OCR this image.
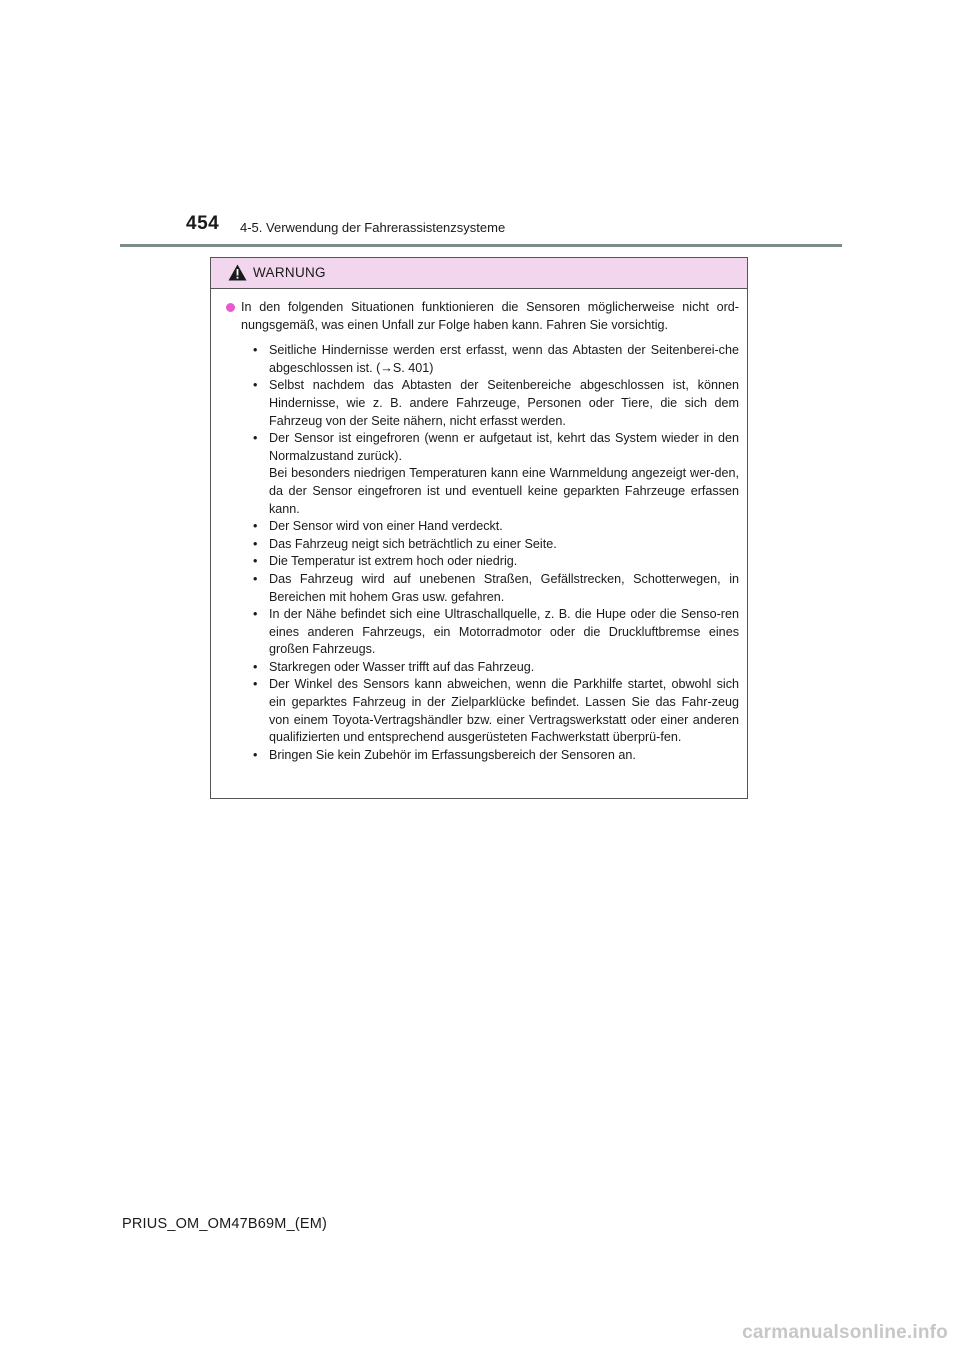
454 4-5. Verwendung der Fahrerassistenzsysteme
WARNUNG

In den folgenden Situationen funktionieren die Sensoren möglicherweise nicht ord-nungsgemäß, was einen Unfall zur Folge haben kann. Fahren Sie vorsichtig.

• Seitliche Hindernisse werden erst erfasst, wenn das Abtasten der Seitenberei-che abgeschlossen ist. (→S. 401)
• Selbst nachdem das Abtasten der Seitenbereiche abgeschlossen ist, können Hindernisse, wie z. B. andere Fahrzeuge, Personen oder Tiere, die sich dem Fahrzeug von der Seite nähern, nicht erfasst werden.
• Der Sensor ist eingefroren (wenn er aufgetaut ist, kehrt das System wieder in den Normalzustand zurück).
Bei besonders niedrigen Temperaturen kann eine Warnmeldung angezeigt wer-den, da der Sensor eingefroren ist und eventuell keine geparkten Fahrzeuge erfassen kann.
• Der Sensor wird von einer Hand verdeckt.
• Das Fahrzeug neigt sich beträchtlich zu einer Seite.
• Die Temperatur ist extrem hoch oder niedrig.
• Das Fahrzeug wird auf unebenen Straßen, Gefällstrecken, Schotterwegen, in Bereichen mit hohem Gras usw. gefahren.
• In der Nähe befindet sich eine Ultraschallquelle, z. B. die Hupe oder die Senso-ren eines anderen Fahrzeugs, ein Motorradmotor oder die Druckluftbremse eines großen Fahrzeugs.
• Starkregen oder Wasser trifft auf das Fahrzeug.
• Der Winkel des Sensors kann abweichen, wenn die Parkhilfe startet, obwohl sich ein geparktes Fahrzeug in der Zielparklücke befindet. Lassen Sie das Fahr-zeug von einem Toyota-Vertragshändler bzw. einer Vertragswerkstatt oder einer anderen qualifizierten und entsprechend ausgerüsteten Fachwerkstatt überprü-fen.
• Bringen Sie kein Zubehör im Erfassungsbereich der Sensoren an.
PRIUS_OM_OM47B69M_(EM)
carmanualsonline.info
